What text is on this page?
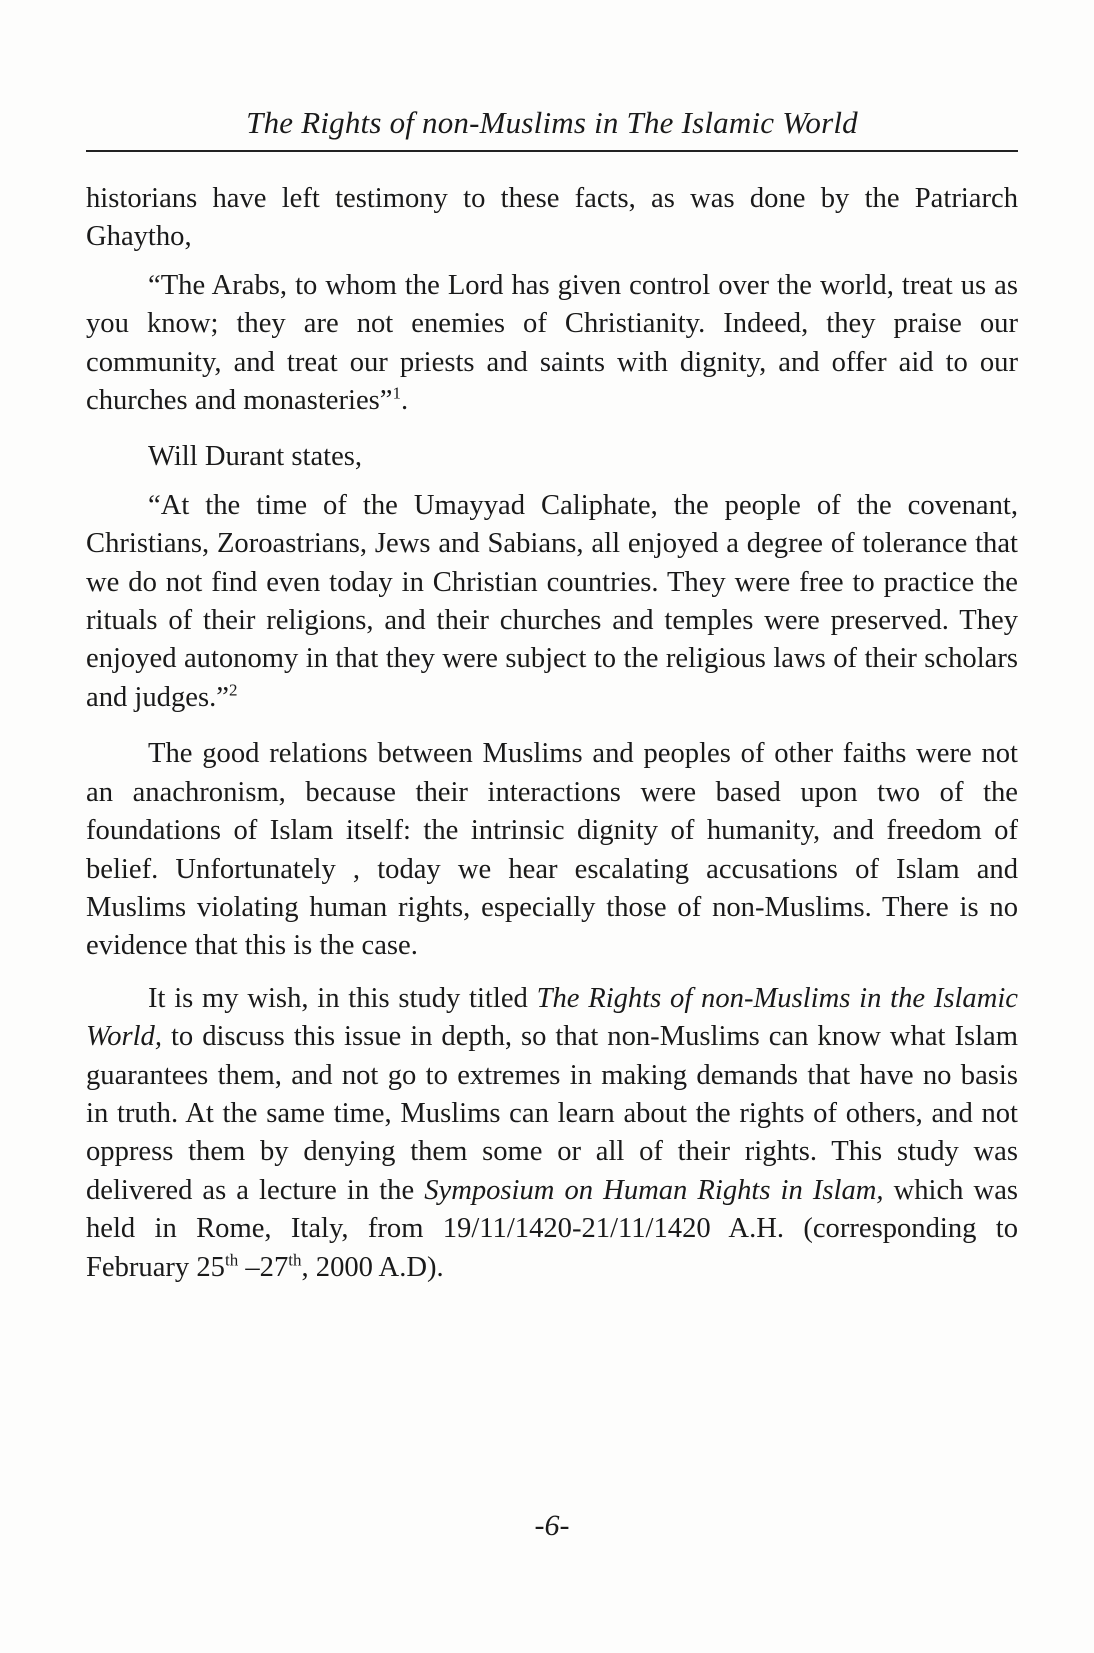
The Rights of non-Muslims in The Islamic World

historians have left testimony to these facts, as was done by the Patriarch Ghaytho,

“The Arabs, to whom the Lord has given control over the world, treat us as you know; they are not enemies of Christianity. Indeed, they praise our community, and treat our priests and saints with dignity, and offer aid to our churches and monasteries”$^1$.

Will Durant states,

“At the time of the Umayyad Caliphate, the people of the covenant, Christians, Zoroastrians, Jews and Sabians, all enjoyed a degree of tolerance that we do not find even today in Christian countries. They were free to practice the rituals of their religions, and their churches and temples were preserved. They enjoyed autonomy in that they were subject to the religious laws of their scholars and judges.”$^2$

The good relations between Muslims and peoples of other faiths were not an anachronism, because their interactions were based upon two of the foundations of Islam itself: the intrinsic dignity of humanity, and freedom of belief. Unfortunately , today we hear escalating accusations of Islam and Muslims violating human rights, especially those of non-Muslims. There is no evidence that this is the case.

It is my wish, in this study titled The Rights of non-Muslims in the Islamic World, to discuss this issue in depth, so that non-Muslims can know what Islam guarantees them, and not go to extremes in making demands that have no basis in truth. At the same time, Muslims can learn about the rights of others, and not oppress them by denying them some or all of their rights. This study was delivered as a lecture in the Symposium on Human Rights in Islam, which was held in Rome, Italy, from 19/11/1420-21/11/1420 A.H. (corresponding to February 25th –27th, 2000 A.D).

-6-
